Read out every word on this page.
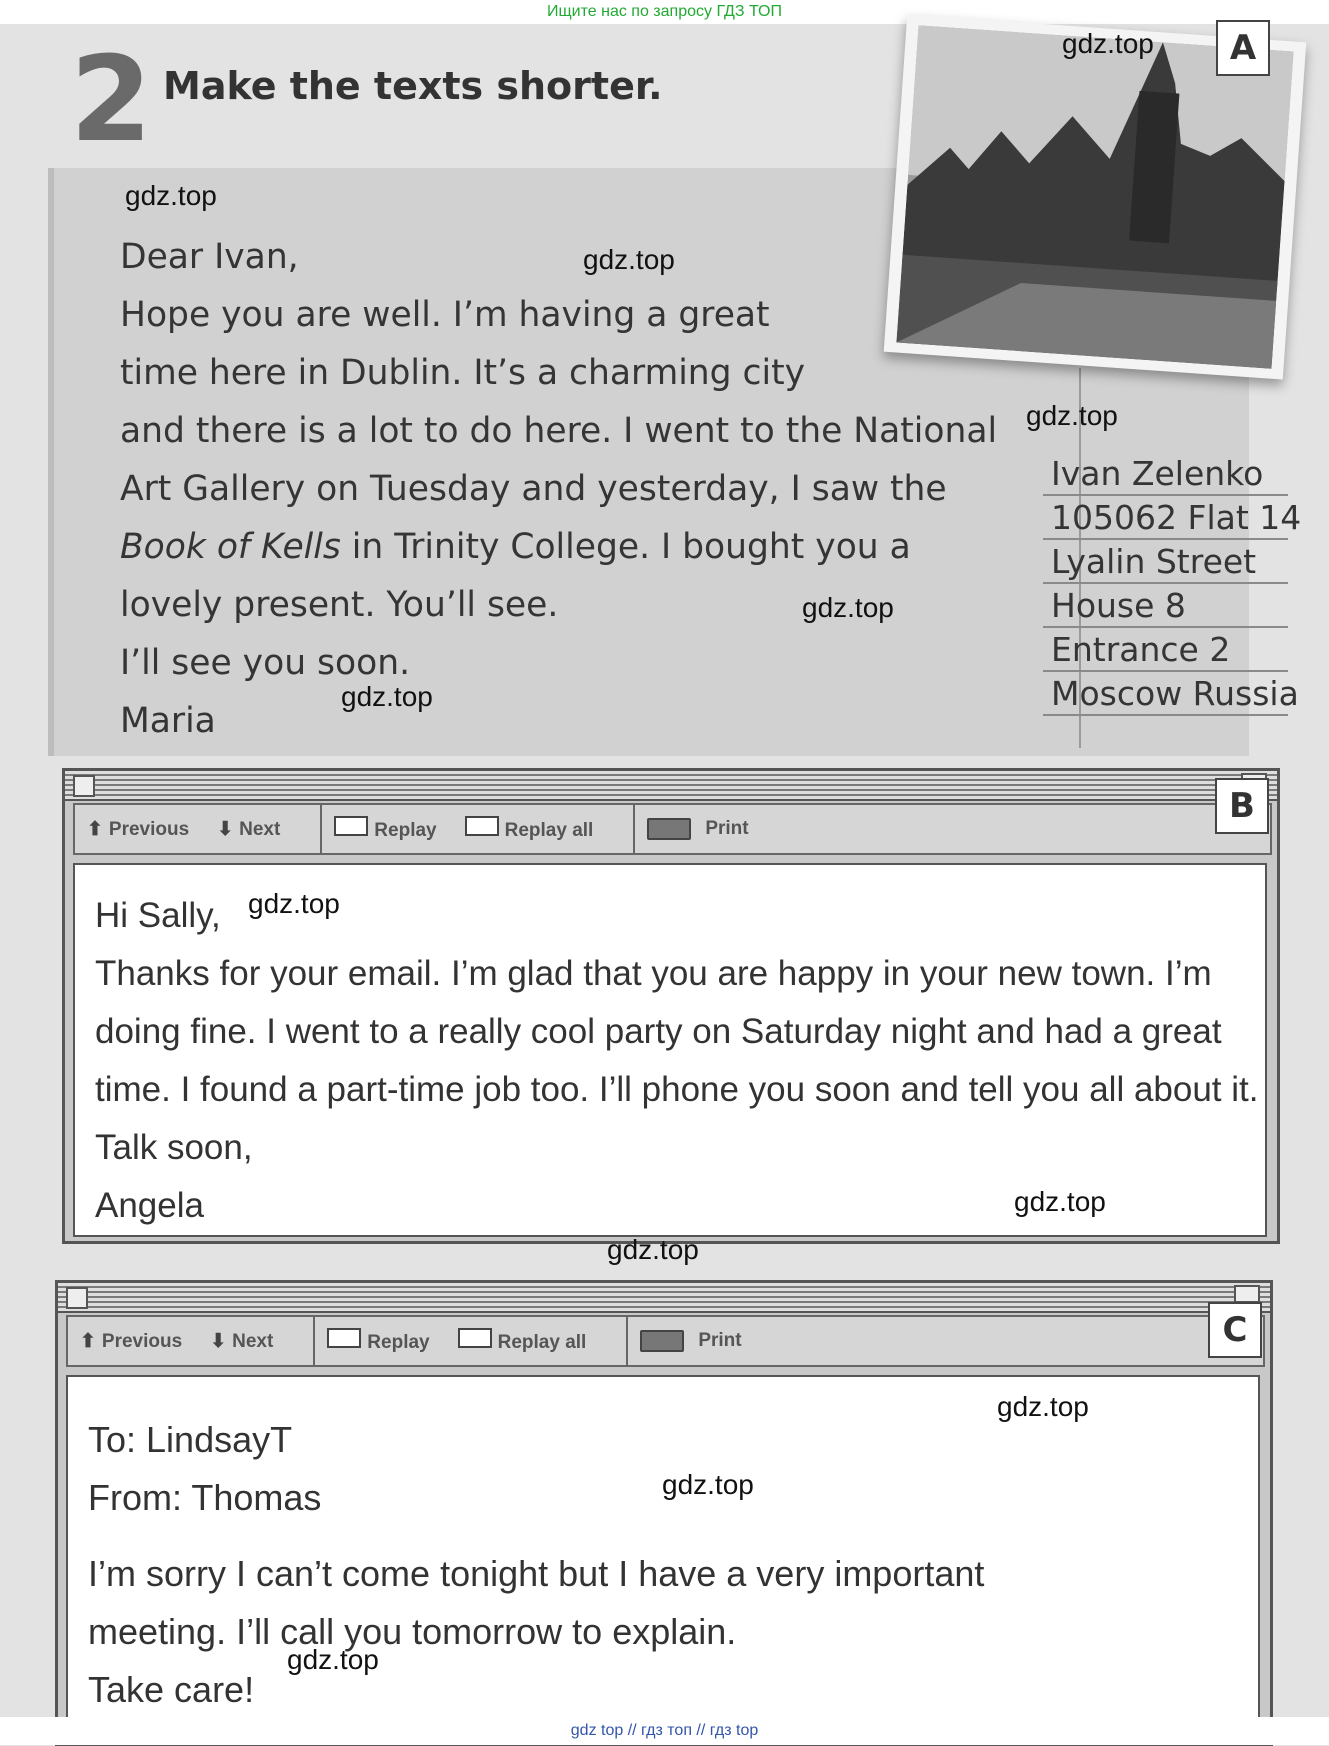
Ищите нас по запросу ГДЗ ТОП
2 Make the texts shorter.
Dear Ivan,
Hope you are well. I’m having a great
time here in Dublin. It’s a charming city
and there is a lot to do here. I went to the National
Art Gallery on Tuesday and yesterday, I saw the
Book of Kells in Trinity College. I bought you a
lovely present. You’ll see.
I’ll see you soon.
Maria
Ivan Zelenko
105062 Flat 14
Lyalin Street
House 8
Entrance 2
Moscow Russia
A
⬆ Previous	⬇ Next	Replay	Replay all	Print
Hi Sally,
Thanks for your email. I’m glad that you are happy in your new town. I’m
doing fine. I went to a really cool party on Saturday night and had a great
time. I found a part-time job too. I’ll phone you soon and tell you all about it.
Talk soon,
Angela
B
⬆ Previous	⬇ Next	Replay	Replay all	Print
To: LindsayT
From: Thomas
I’m sorry I can’t come tonight but I have a very important
meeting. I’ll call you tomorrow to explain.
Take care!
C
gdz.top
gdz.top
gdz.top
gdz.top
gdz.top
gdz.top
gdz.top
gdz.top
gdz.top
gdz.top
gdz.top
gdz.top
gdz top // гдз топ // гдз top
